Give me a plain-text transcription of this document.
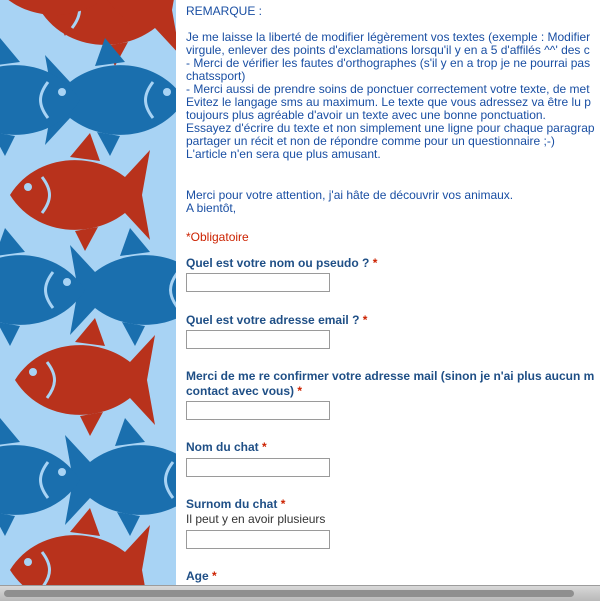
REMARQUE :
Je me laisse la liberté de modifier légèrement vos textes (exemple : Modifier
virgule, enlever des points d'exclamations lorsqu'il y en a 5 d'affilés ^^' des c
- Merci de vérifier les fautes d'orthographes (s'il y en a trop je ne pourrai pas
chatssport)
- Merci aussi de prendre soins de ponctuer correctement votre texte, de met
Evitez le langage sms au maximum. Le texte que vous adressez va être lu p
toujours plus agréable d'avoir un texte avec une bonne ponctuation.
Essayez d'écrire du texte et non simplement une ligne pour chaque paragrap
partager un récit et non de répondre comme pour un questionnaire ;-)
L'article n'en sera que plus amusant.
Merci pour votre attention, j'ai hâte de découvrir vos animaux.
A bientôt,
*Obligatoire
Quel est votre nom ou pseudo ? *
Quel est votre adresse email ? *
Merci de me re confirmer votre adresse mail (sinon je n'ai plus aucun m
contact avec vous) *
Nom du chat *
Surnom du chat *
Il peut y en avoir plusieurs
Age *
